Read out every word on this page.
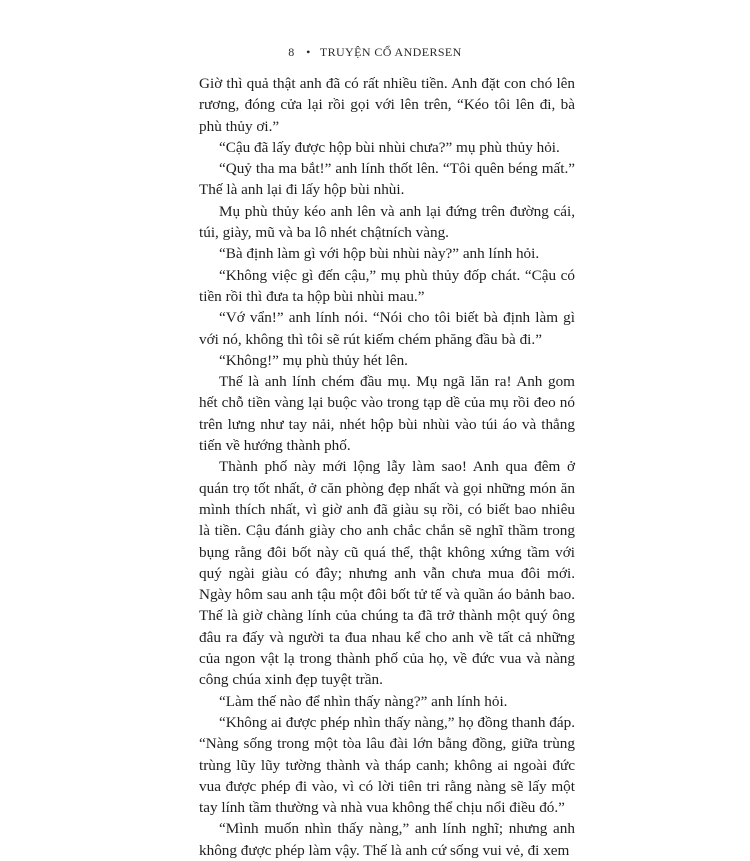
8 • TRUYỆN CỔ ANDERSEN

Giờ thì quả thật anh đã có rất nhiều tiền. Anh đặt con chó lên rương, đóng cửa lại rồi gọi với lên trên, “Kéo tôi lên đi, bà phù thủy ơi.”

“Cậu đã lấy được hộp bùi nhùi chưa?” mụ phù thủy hỏi.

“Quỷ tha ma bắt!” anh lính thốt lên. “Tôi quên béng mất.” Thế là anh lại đi lấy hộp bùi nhùi.

Mụ phù thủy kéo anh lên và anh lại đứng trên đường cái, túi, giày, mũ và ba lô nhét chậtních vàng.

“Bà định làm gì với hộp bùi nhùi này?” anh lính hỏi.

“Không việc gì đến cậu,” mụ phù thủy đốp chát. “Cậu có tiền rồi thì đưa ta hộp bùi nhùi mau.”

“Vớ vẩn!” anh lính nói. “Nói cho tôi biết bà định làm gì với nó, không thì tôi sẽ rút kiếm chém phăng đầu bà đi.”

“Không!” mụ phù thủy hét lên.

Thế là anh lính chém đầu mụ. Mụ ngã lăn ra! Anh gom hết chỗ tiền vàng lại buộc vào trong tạp dề của mụ rồi đeo nó trên lưng như tay nải, nhét hộp bùi nhùi vào túi áo và thẳng tiến về hướng thành phố.

Thành phố này mới lộng lẫy làm sao! Anh qua đêm ở quán trọ tốt nhất, ở căn phòng đẹp nhất và gọi những món ăn mình thích nhất, vì giờ anh đã giàu sụ rồi, có biết bao nhiêu là tiền. Cậu đánh giày cho anh chắc chắn sẽ nghĩ thầm trong bụng rằng đôi bốt này cũ quá thể, thật không xứng tầm với quý ngài giàu có đây; nhưng anh vẫn chưa mua đôi mới. Ngày hôm sau anh tậu một đôi bốt tử tế và quần áo bảnh bao. Thế là giờ chàng lính của chúng ta đã trở thành một quý ông đâu ra đấy và người ta đua nhau kể cho anh về tất cả những của ngon vật lạ trong thành phố của họ, về đức vua và nàng công chúa xinh đẹp tuyệt trần.

“Làm thế nào để nhìn thấy nàng?” anh lính hỏi.

“Không ai được phép nhìn thấy nàng,” họ đồng thanh đáp. “Nàng sống trong một tòa lâu đài lớn bằng đồng, giữa trùng trùng lũy lũy tường thành và tháp canh; không ai ngoài đức vua được phép đi vào, vì có lời tiên tri rằng nàng sẽ lấy một tay lính tầm thường và nhà vua không thể chịu nổi điều đó.”

“Mình muốn nhìn thấy nàng,” anh lính nghĩ; nhưng anh không được phép làm vậy. Thế là anh cứ sống vui vẻ, đi xem
